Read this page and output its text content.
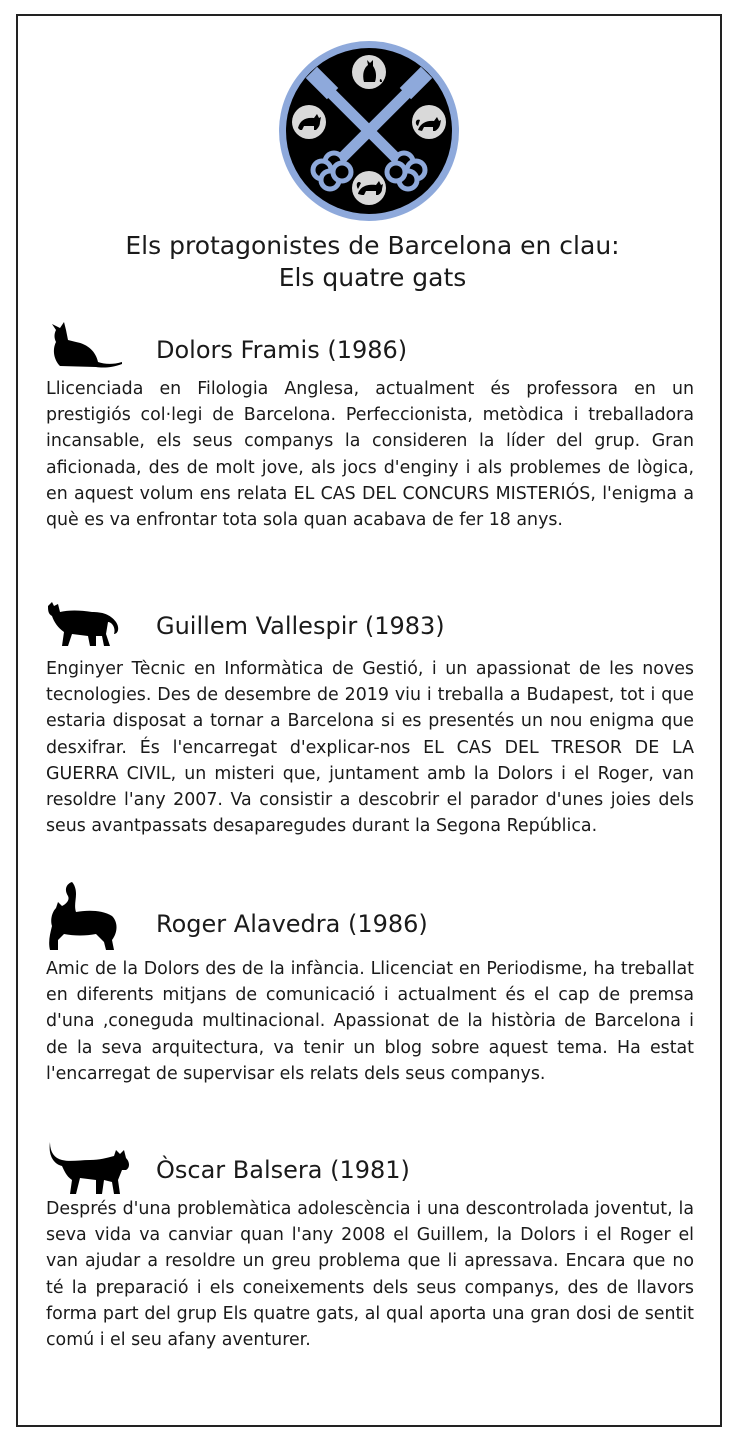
Els protagonistes de Barcelona en clau:
Els quatre gats
Dolors Framis (1986)

Llicenciada en Filologia Anglesa, actualment és professora en un prestigiós col·legi de Barcelona. Perfeccionista, metòdica i treballadora incansable, els seus companys la consideren la líder del grup. Gran aficionada, des de molt jove, als jocs d'enginy i als problemes de lògica, en aquest volum ens relata EL CAS DEL CONCURS MISTERIÓS, l'enigma a què es va enfrontar tota sola quan acabava de fer 18 anys.

Guillem Vallespir (1983)

Enginyer Tècnic en Informàtica de Gestió, i un apassionat de les noves tecnologies. Des de desembre de 2019 viu i treballa a Budapest, tot i que estaria disposat a tornar a Barcelona si es presentés un nou enigma que desxifrar. És l'encarregat d'explicar-nos EL CAS DEL TRESOR DE LA GUERRA CIVIL, un misteri que, juntament amb la Dolors i el Roger, van resoldre l'any 2007. Va consistir a descobrir el parador d'unes joies dels seus avantpassats desaparegudes durant la Segona República.

Roger Alavedra (1986)

Amic de la Dolors des de la infància. Llicenciat en Periodisme, ha treballat en diferents mitjans de comunicació i actualment és el cap de premsa d'una ‚coneguda multinacional. Apassionat de la història de Barcelona i de la seva arquitectura, va tenir un blog sobre aquest tema. Ha estat l'encarregat de supervisar els relats dels seus companys.

Òscar Balsera (1981)

Després d'una problemàtica adolescència i una descontrolada joventut, la seva vida va canviar quan l'any 2008 el Guillem, la Dolors i el Roger el van ajudar a resoldre un greu problema que li apressava. Encara que no té la preparació i els coneixements dels seus companys, des de llavors forma part del grup Els quatre gats, al qual aporta una gran dosi de sentit comú i el seu afany aventurer.
